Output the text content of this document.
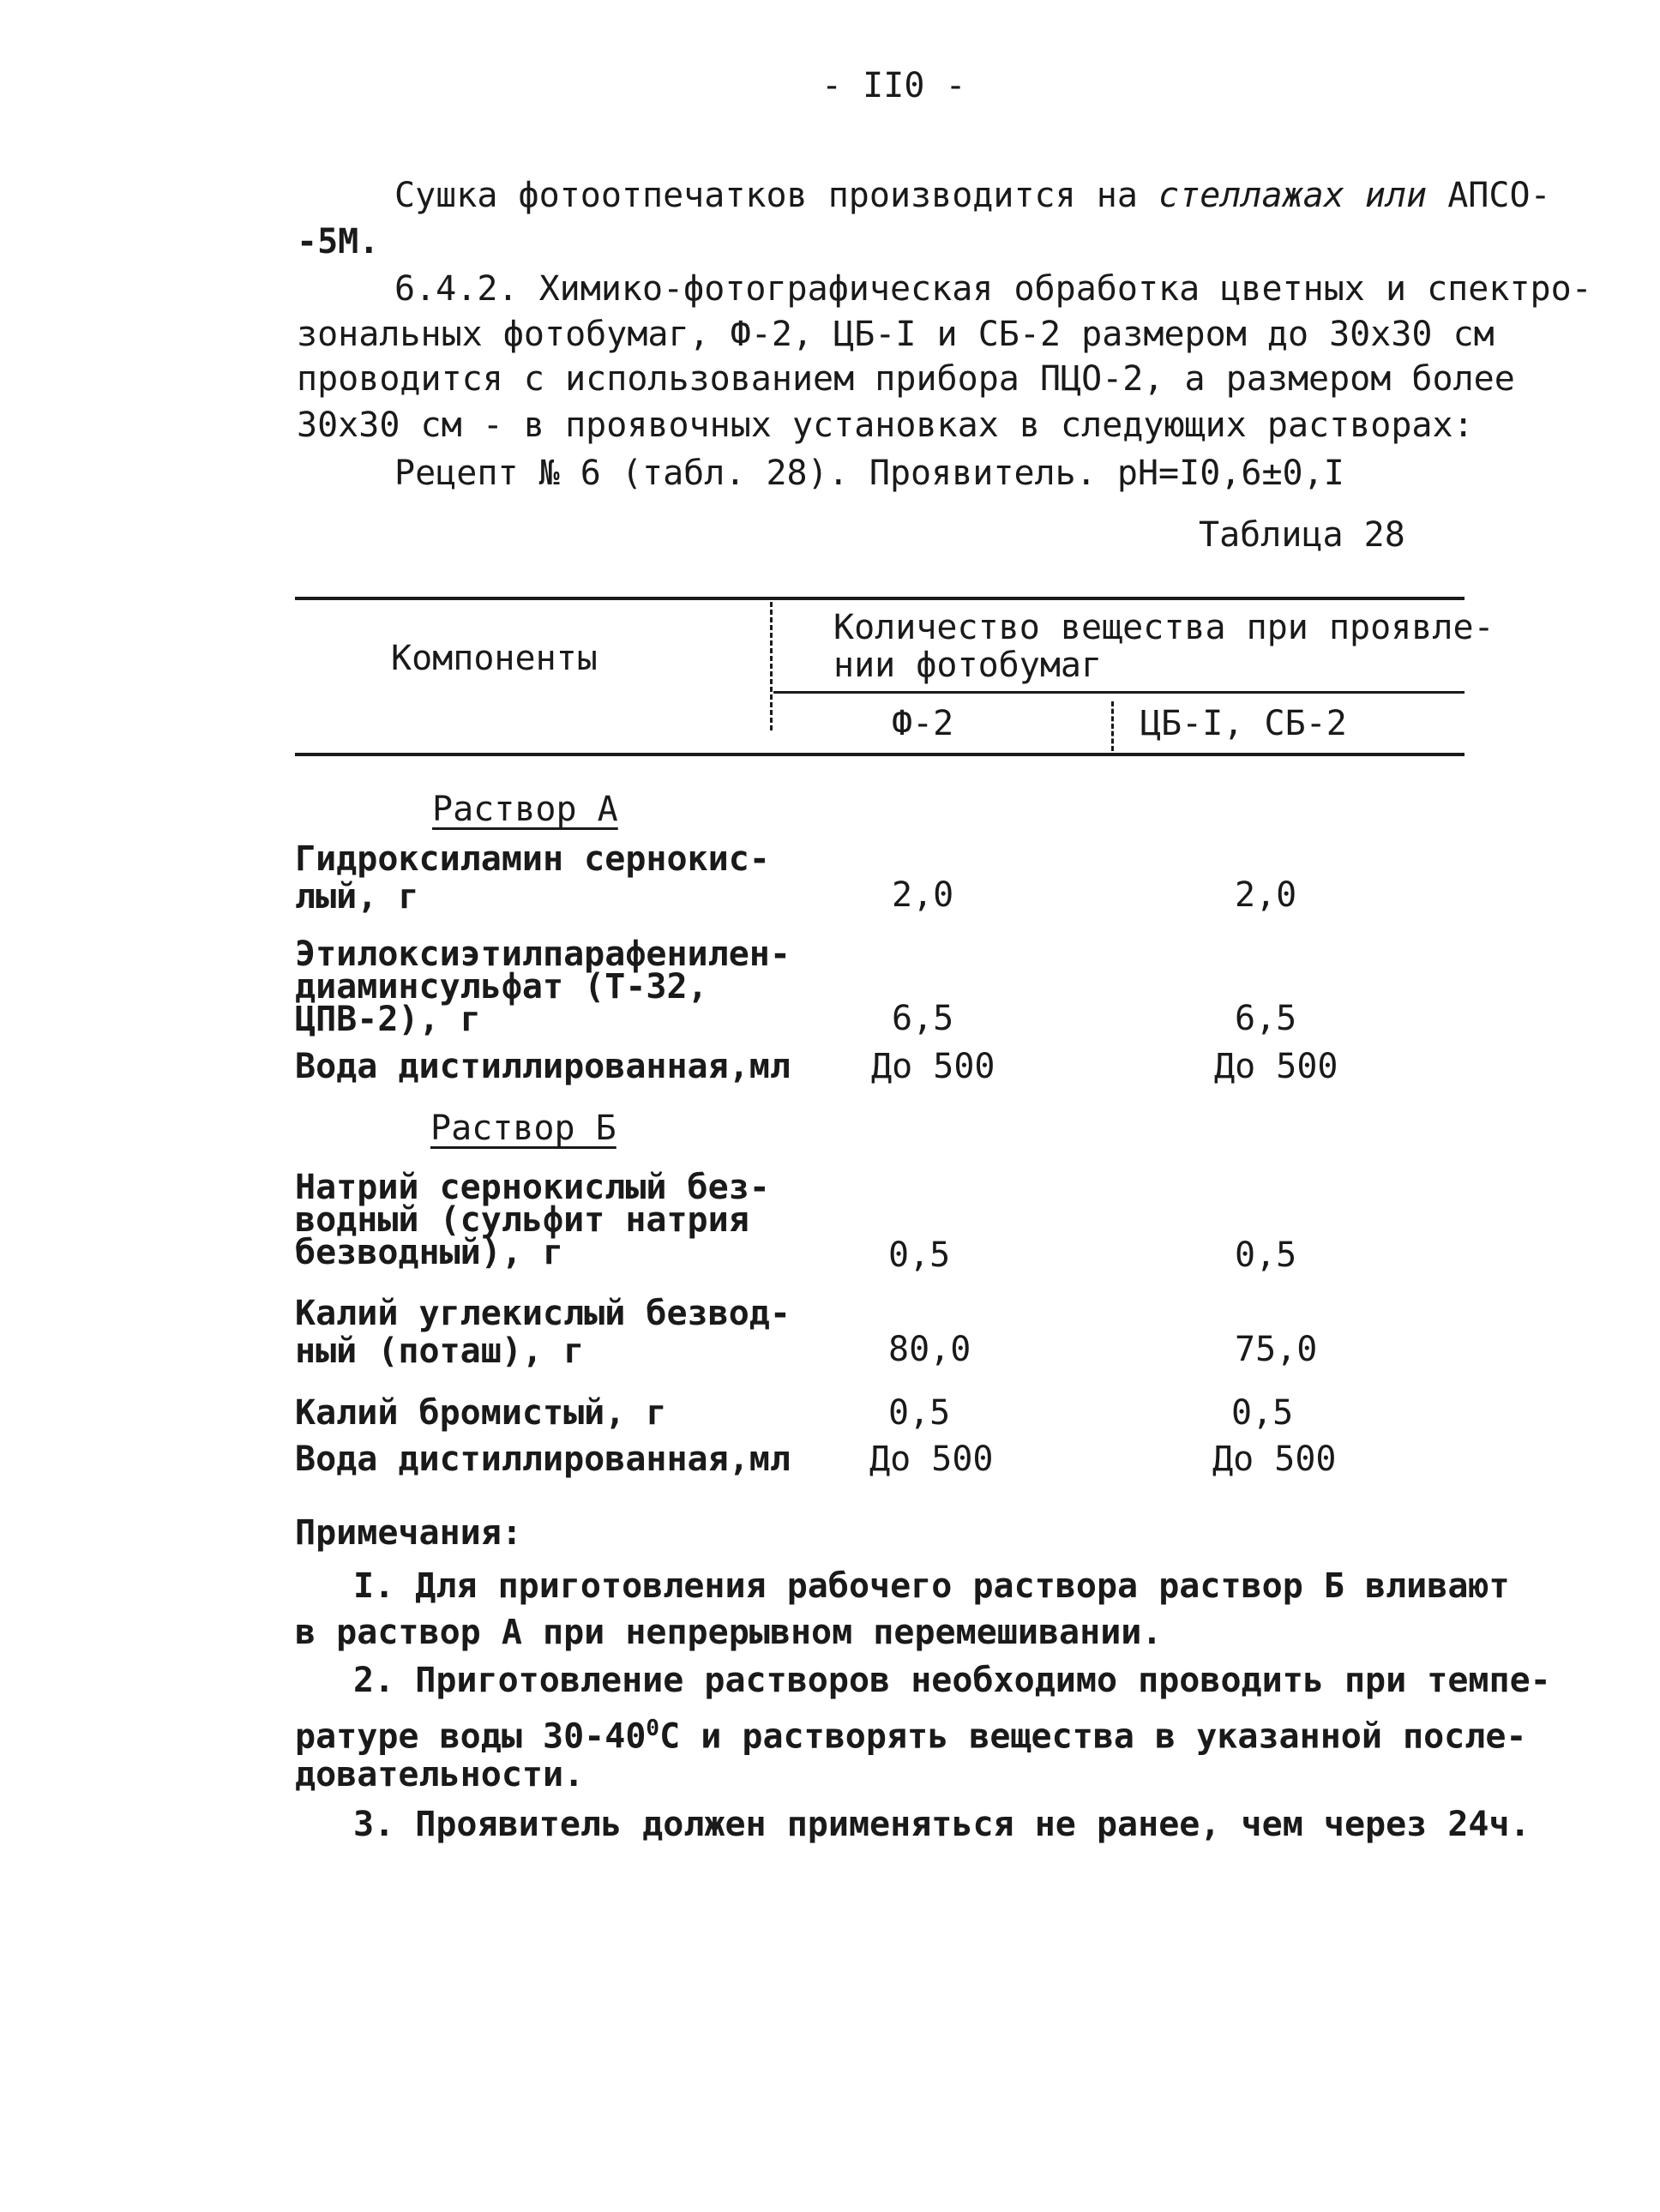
- II0 -
Сушка фотоотпечатков производится на стеллажах или АПСО-
-5М.
6.4.2. Химико-фотографическая обработка цветных и спектро-
зональных фотобумаг, Ф-2, ЦБ-I и СБ-2 размером до 30х30 см
проводится с использованием прибора ПЦО-2, а размером более
30х30 см - в проявочных установках в следующих растворах:
Рецепт № 6 (табл. 28). Проявитель. pH=I0,6±0,I
Таблица 28
Компоненты
Количество вещества при проявле-
нии фотобумаг
Ф-2	ЦБ-I, СБ-2
Раствор А
Гидроксиламин сернокис-
лый, г	2,0	2,0
Этилоксиэтилпарафенилен-
диаминсульфат (Т-32,
ЦПВ-2), г	6,5	6,5
Вода дистиллированная,мл До 500	До 500
Раствор Б
Натрий сернокислый без-
водный (сульфит натрия
безводный), г	0,5	0,5
Калий углекислый безвод-
ный (поташ), г	80,0	75,0
Калий бромистый, г	0,5	0,5
Вода дистиллированная,мл До 500	До 500
Примечания:
I. Для приготовления рабочего раствора раствор Б вливают
в раствор А при непрерывном перемешивании.
2. Приготовление растворов необходимо проводить при темпе-
ратуре воды $30-40^0С$ и растворять вещества в указанной после-
довательности.
3. Проявитель должен применяться не ранее, чем через 24ч.
